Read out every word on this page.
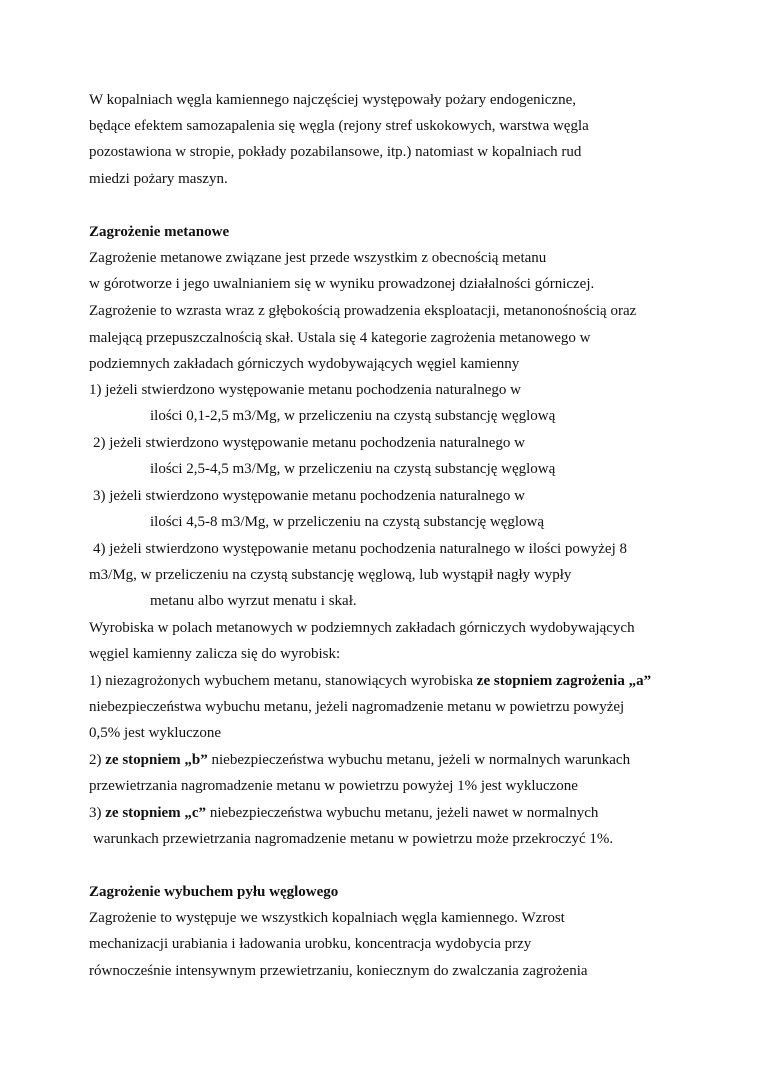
W kopalniach węgla kamiennego najczęściej występowały pożary endogeniczne,
będące efektem samozapalenia się węgla (rejony stref uskokowych, warstwa węgla
pozostawiona w stropie, pokłady pozabilansowe, itp.) natomiast w kopalniach rud
miedzi pożary maszyn.
Zagrożenie metanowe
Zagrożenie metanowe związane jest przede wszystkim z obecnością metanu
w górotworze i jego uwalnianiem się w wyniku prowadzonej działalności górniczej.
Zagrożenie to wzrasta wraz z głębokością prowadzenia eksploatacji, metanonośnością oraz
malejącą przepuszczalnością skał. Ustala się 4 kategorie zagrożenia metanowego w
podziemnych zakładach górniczych wydobywających węgiel kamienny
1) jeżeli stwierdzono występowanie metanu pochodzenia naturalnego w
ilości 0,1-2,5 m3/Mg, w przeliczeniu na czystą substancję węglową
2) jeżeli stwierdzono występowanie metanu pochodzenia naturalnego w
ilości 2,5-4,5 m3/Mg, w przeliczeniu na czystą substancję węglową
3) jeżeli stwierdzono występowanie metanu pochodzenia naturalnego w
ilości 4,5-8 m3/Mg, w przeliczeniu na czystą substancję węglową
4) jeżeli stwierdzono występowanie metanu pochodzenia naturalnego w ilości powyżej 8
m3/Mg, w przeliczeniu na czystą substancję węglową, lub wystąpił nagły wypły
metanu albo wyrzut menatu i skał.
Wyrobiska w polach metanowych w podziemnych zakładach górniczych wydobywających
węgiel kamienny zalicza się do wyrobisk:
1) niezagrożonych wybuchem metanu, stanowiących wyrobiska ze stopniem zagrożenia „a”
niebezpieczeństwa wybuchu metanu, jeżeli nagromadzenie metanu w powietrzu powyżej
0,5% jest wykluczone
2) ze stopniem „b” niebezpieczeństwa wybuchu metanu, jeżeli w normalnych warunkach
przewietrzania nagromadzenie metanu w powietrzu powyżej 1% jest wykluczone
3) ze stopniem „c” niebezpieczeństwa wybuchu metanu, jeżeli nawet w normalnych
warunkach przewietrzania nagromadzenie metanu w powietrzu może przekroczyć 1%.
Zagrożenie wybuchem pyłu węglowego
Zagrożenie to występuje we wszystkich kopalniach węgla kamiennego. Wzrost
mechanizacji urabiania i ładowania urobku, koncentracja wydobycia przy
równocześnie intensywnym przewietrzaniu, koniecznym do zwalczania zagrożenia
